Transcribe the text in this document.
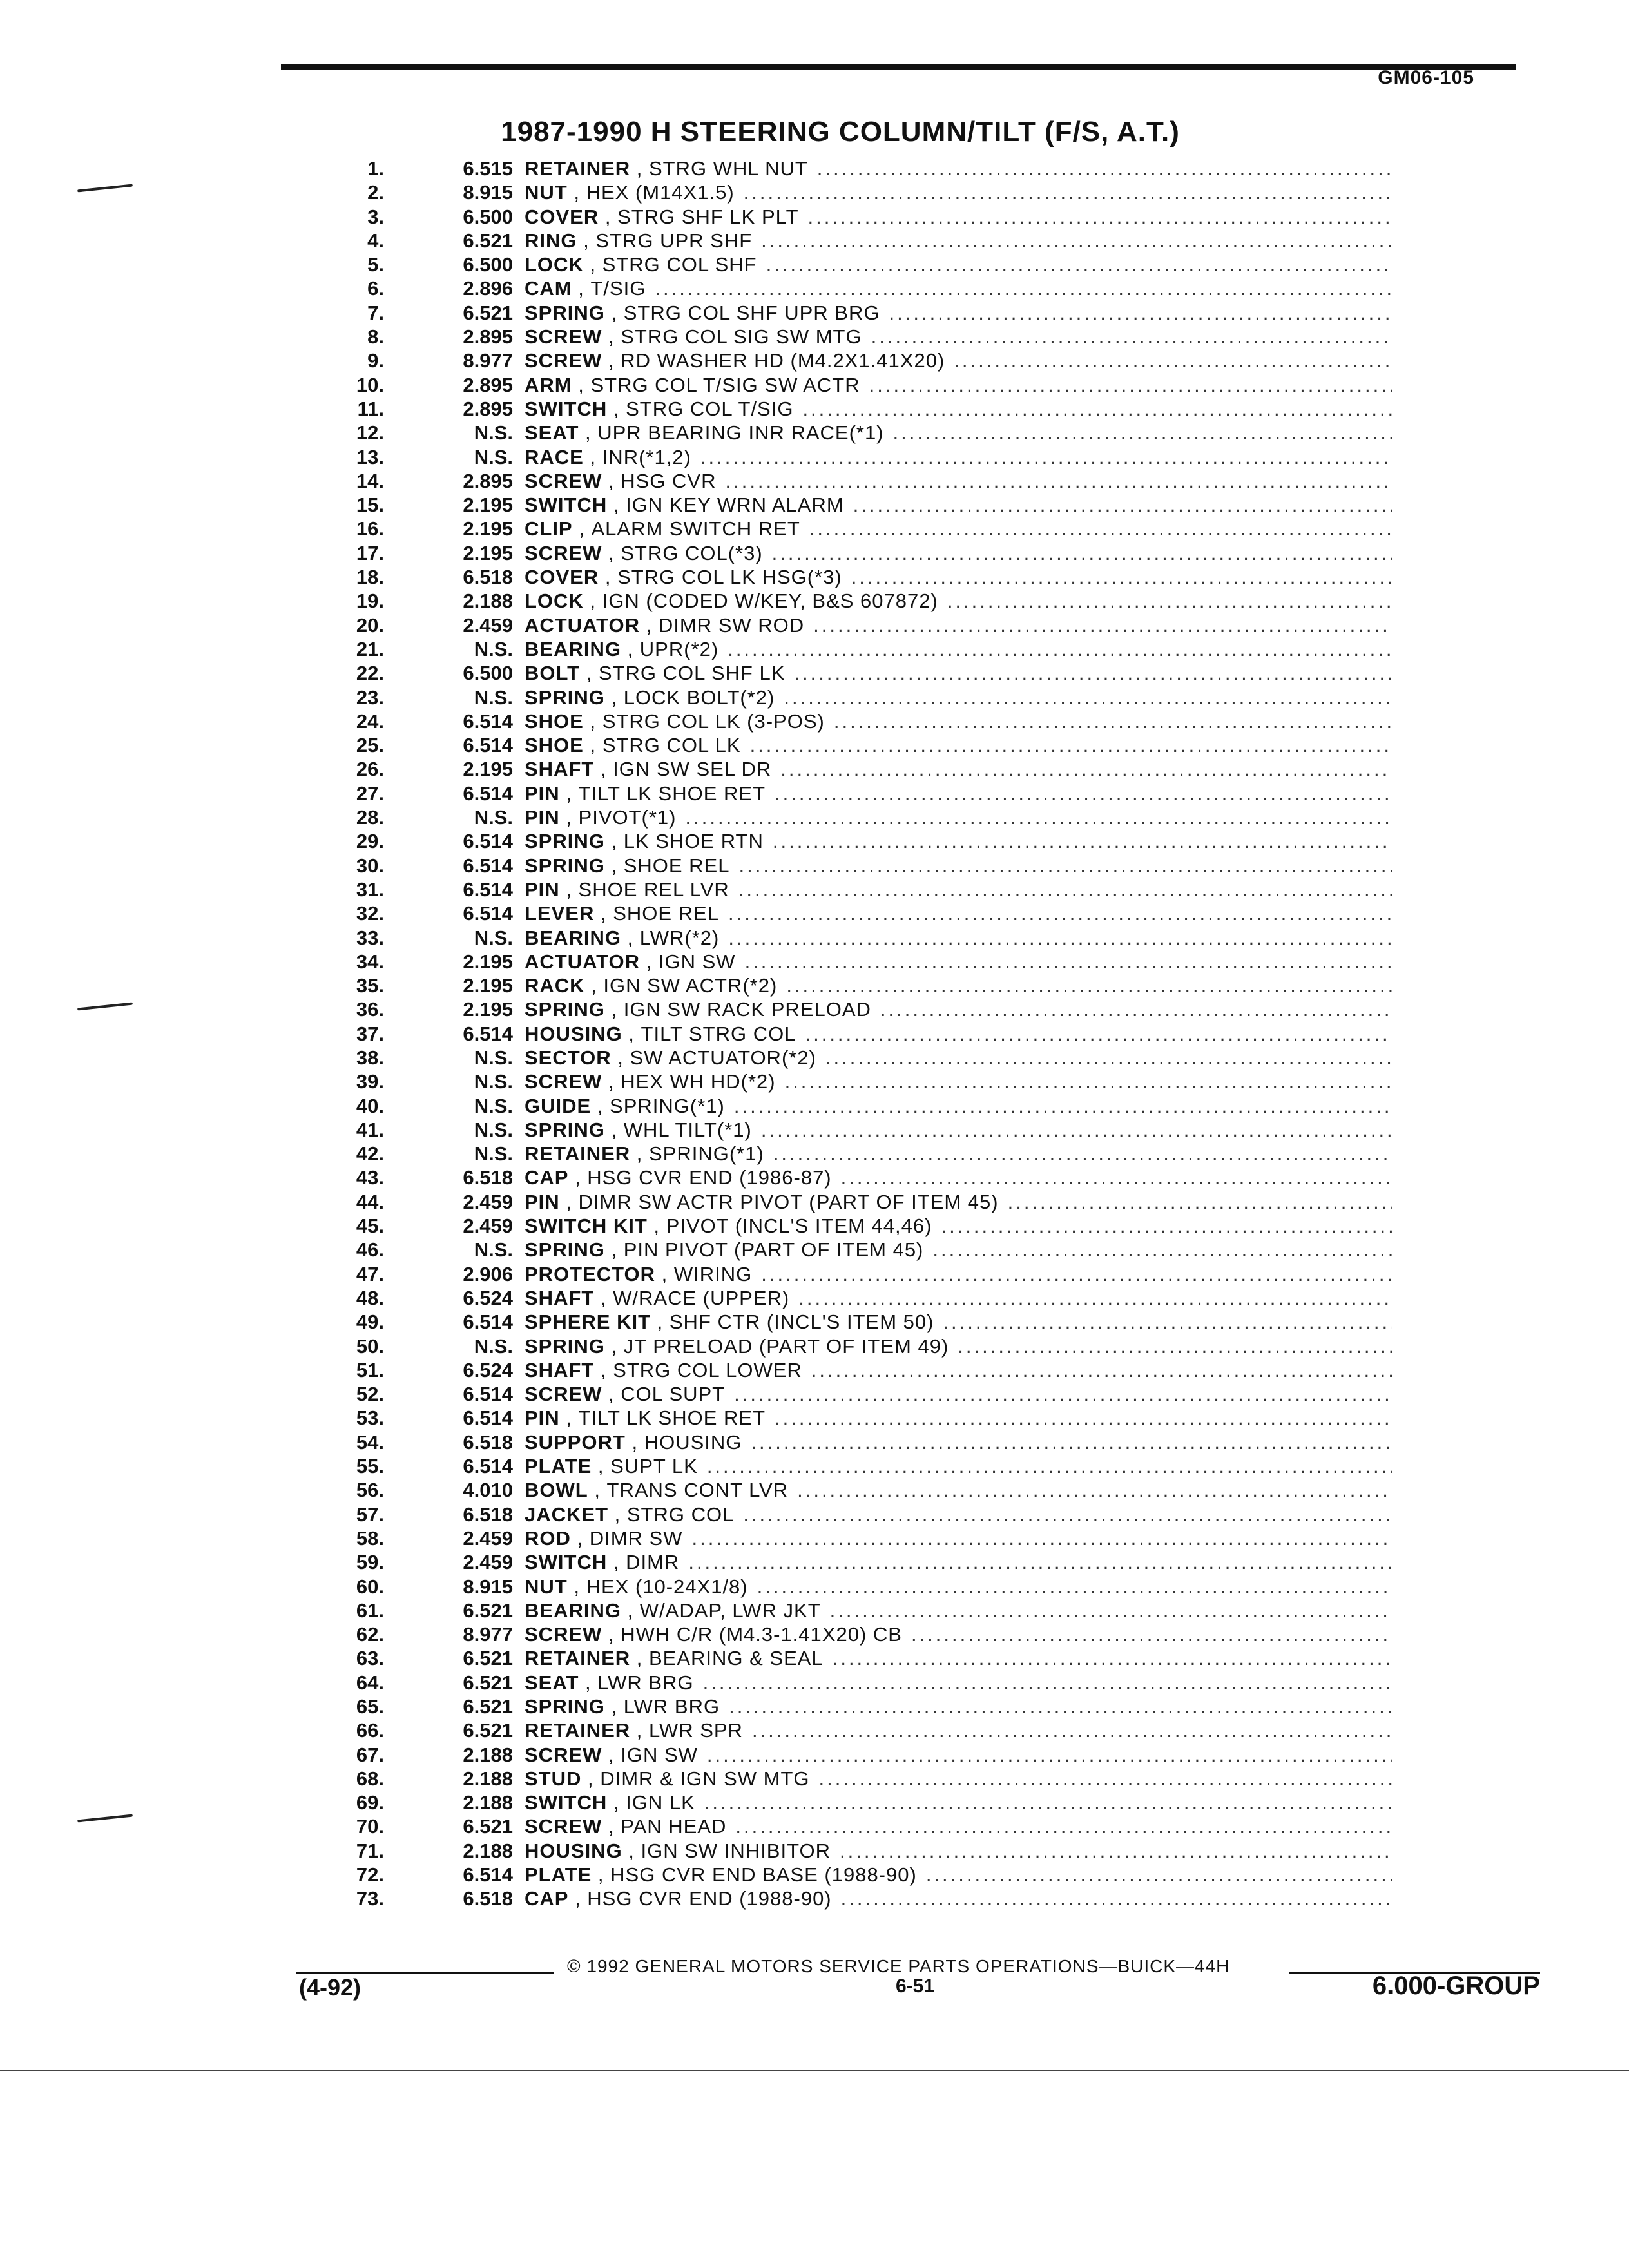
GM06-105
1987-1990 H STEERING COLUMN/TILT (F/S, A.T.)
1.	6.515 RETAINER , STRG WHL NUT
.....
2.	8.915 NUT , HEX (M14X1.5)
.....
3.	6.500 COVER , STRG SHF LK PLT
.....
4.	6.521 RING , STRG UPR SHF
.....
5.	6.500 LOCK , STRG COL SHF
.....
6.	2.896 CAM , T/SIG
.....
7.	6.521 SPRING , STRG COL SHF UPR BRG
.....
8.	2.895 SCREW , STRG COL SIG SW MTG
.....
9.	8.977 SCREW , RD WASHER HD (M4.2X1.41X20)
.....
10.	2.895 ARM , STRG COL T/SIG SW ACTR
.....
11.	2.895 SWITCH , STRG COL T/SIG
.....
12.	N.S. SEAT , UPR BEARING INR RACE(*1)
.....
13.	N.S. RACE , INR(*1,2)
.....
14.	2.895 SCREW , HSG CVR
.....
15.	2.195 SWITCH , IGN KEY WRN ALARM
.....
16.	2.195 CLIP , ALARM SWITCH RET
.....
17.	2.195 SCREW , STRG COL(*3)
.....
18.	6.518 COVER , STRG COL LK HSG(*3)
.....
19.	2.188 LOCK , IGN (CODED W/KEY, B&S 607872)
.....
20.	2.459 ACTUATOR , DIMR SW ROD
.....
21.	N.S. BEARING , UPR(*2)
.....
22.	6.500 BOLT , STRG COL SHF LK
.....
23.	N.S. SPRING , LOCK BOLT(*2)
.....
24.	6.514 SHOE , STRG COL LK (3-POS)
.....
25.	6.514 SHOE , STRG COL LK
.....
26.	2.195 SHAFT , IGN SW SEL DR
.....
27.	6.514 PIN , TILT LK SHOE RET
.....
28.	N.S. PIN , PIVOT(*1)
.....
29.	6.514 SPRING , LK SHOE RTN
.....
30.	6.514 SPRING , SHOE REL
.....
31.	6.514 PIN , SHOE REL LVR
.....
32.	6.514 LEVER , SHOE REL
.....
33.	N.S. BEARING , LWR(*2)
.....
34.	2.195 ACTUATOR , IGN SW
.....
35.	2.195 RACK , IGN SW ACTR(*2)
.....
36.	2.195 SPRING , IGN SW RACK PRELOAD
.....
37.	6.514 HOUSING , TILT STRG COL
.....
38.	N.S. SECTOR , SW ACTUATOR(*2)
.....
39.	N.S. SCREW , HEX WH HD(*2)
.....
40.	N.S. GUIDE , SPRING(*1)
.....
41.	N.S. SPRING , WHL TILT(*1)
.....
42.	N.S. RETAINER , SPRING(*1)
.....
43.	6.518 CAP , HSG CVR END (1986-87)
.....
44.	2.459 PIN , DIMR SW ACTR PIVOT (PART OF ITEM 45)
.....
45.	2.459 SWITCH KIT , PIVOT (INCL'S ITEM 44,46)
.....
46.	N.S. SPRING , PIN PIVOT (PART OF ITEM 45)
.....
47.	2.906 PROTECTOR , WIRING
.....
48.	6.524 SHAFT , W/RACE (UPPER)
.....
49.	6.514 SPHERE KIT , SHF CTR (INCL'S ITEM 50)
.....
50.	N.S. SPRING , JT PRELOAD (PART OF ITEM 49)
.....
51.	6.524 SHAFT , STRG COL LOWER
.....
52.	6.514 SCREW , COL SUPT
.....
53.	6.514 PIN , TILT LK SHOE RET
.....
54.	6.518 SUPPORT , HOUSING
.....
55.	6.514 PLATE , SUPT LK
.....
56.	4.010 BOWL , TRANS CONT LVR
.....
57.	6.518 JACKET , STRG COL
.....
58.	2.459 ROD , DIMR SW
.....
59.	2.459 SWITCH , DIMR
.....
60.	8.915 NUT , HEX (10-24X1/8)
.....
61.	6.521 BEARING , W/ADAP, LWR JKT
.....
62.	8.977 SCREW , HWH C/R (M4.3-1.41X20) CB
.....
63.	6.521 RETAINER , BEARING & SEAL
.....
64.	6.521 SEAT , LWR BRG
.....
65.	6.521 SPRING , LWR BRG
.....
66.	6.521 RETAINER , LWR SPR
.....
67.	2.188 SCREW , IGN SW
.....
68.	2.188 STUD , DIMR & IGN SW MTG
.....
69.	2.188 SWITCH , IGN LK
.....
70.	6.521 SCREW , PAN HEAD
.....
71.	2.188 HOUSING , IGN SW INHIBITOR
.....
72.	6.514 PLATE , HSG CVR END BASE (1988-90)
.....
73.	6.518 CAP , HSG CVR END (1988-90)
.....
© 1992 GENERAL MOTORS SERVICE PARTS OPERATIONS—BUICK—44H
(4-92)	6-51	6.000-GROUP
